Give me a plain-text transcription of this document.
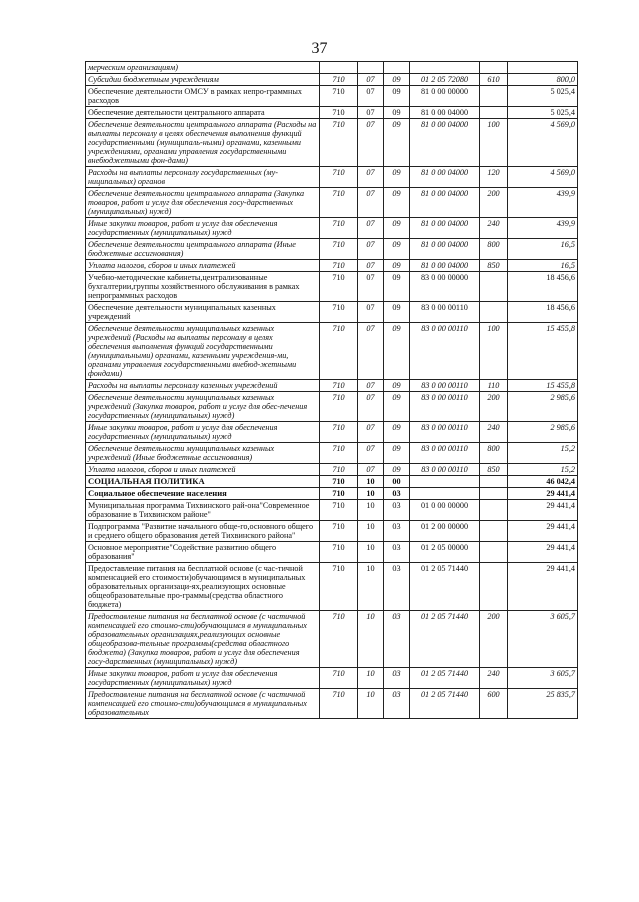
37
мерческим организациям)						
Субсидии бюджетным учреждениям	710	07	09	01 2 05 72080	610	800,0
Обеспечение деятельности ОМСУ в рамках непро-граммных расходов	710	07	09	81 0 00 00000		5 025,4
Обеспечение деятельности центрального аппарата	710	07	09	81 0 00 04000		5 025,4
Обеспечение деятельности центрального аппарата (Расходы на выплаты персоналу в целях обеспечения выполнения функций государственными (муниципаль-ными) органами, казенными учреждениями, органами управления государственными внебюджетными фон-дами)	710	07	09	81 0 00 04000	100	4 569,0
Расходы на выплаты персоналу государственных (му-ниципальных) органов	710	07	09	81 0 00 04000	120	4 569,0
Обеспечение деятельности центрального аппарата (Закупка товаров, работ и услуг для обеспечения госу-дарственных (муниципальных) нужд)	710	07	09	81 0 00 04000	200	439,9
Иные закупки товаров, работ и услуг для обеспечения государственных (муниципальных) нужд	710	07	09	81 0 00 04000	240	439,9
Обеспечение деятельности центрального аппарата (Иные бюджетные ассигнования)	710	07	09	81 0 00 04000	800	16,5
Уплата налогов, сборов и иных платежей	710	07	09	81 0 00 04000	850	16,5
Учебно-методические кабинеты,централизованные бухгалтерии,группы хозяйственного обслуживания в рамках непрограммных расходов	710	07	09	83 0 00 00000		18 456,6
Обеспечение деятельности муниципальных казенных учреждений	710	07	09	83 0 00 00110		18 456,6
Обеспечение деятельности муниципальных казенных учреждений (Расходы на выплаты персоналу в целях обеспечения выполнения функций государственными (муниципальными) органами, казенными учреждения-ми, органами управления государственными внебюд-жетными фондами)	710	07	09	83 0 00 00110	100	15 455,8
Расходы на выплаты персоналу казенных учреждений	710	07	09	83 0 00 00110	110	15 455,8
Обеспечение деятельности муниципальных казенных учреждений (Закупка товаров, работ и услуг для обес-печения государственных (муниципальных) нужд)	710	07	09	83 0 00 00110	200	2 985,6
Иные закупки товаров, работ и услуг для обеспечения государственных (муниципальных) нужд	710	07	09	83 0 00 00110	240	2 985,6
Обеспечение деятельности муниципальных казенных учреждений (Иные бюджетные ассигнования)	710	07	09	83 0 00 00110	800	15,2
Уплата налогов, сборов и иных платежей	710	07	09	83 0 00 00110	850	15,2
СОЦИАЛЬНАЯ ПОЛИТИКА	710	10	00			46 042,4
Социальное обеспечение населения	710	10	03			29 441,4
Муниципальная программа Тихвинского рай-она"Современное образование в Тихвинском районе"	710	10	03	01 0 00 00000		29 441,4
Подпрограмма "Развитие начального обще-го,основного общего и среднего общего образования детей Тихвинского района"	710	10	03	01 2 00 00000		29 441,4
Основное мероприятие"Содействие развитию общего образования"	710	10	03	01 2 05 00000		29 441,4
Предоставление питания на бесплатной основе (с час-тичной компенсацией его стоимости)обучающимся в муниципальных образовательных организаци-ях,реализующих основные общеобразовательные про-граммы(средства областного бюджета)	710	10	03	01 2 05 71440		29 441,4
Предоставление питания на бесплатной основе (с частичной компенсацией его стоимо-сти)обучающимся в муниципальных образовательных организациях,реализующих основные общеобразова-тельные программы(средства областного бюджета) (Закупка товаров, работ и услуг для обеспечения госу-дарственных (муниципальных) нужд)	710	10	03	01 2 05 71440	200	3 605,7
Иные закупки товаров, работ и услуг для обеспечения государственных (муниципальных) нужд	710	10	03	01 2 05 71440	240	3 605,7
Предоставление питания на бесплатной основе (с частичной компенсацией его стоимо-сти)обучающимся в муниципальных образовательных	710	10	03	01 2 05 71440	600	25 835,7
